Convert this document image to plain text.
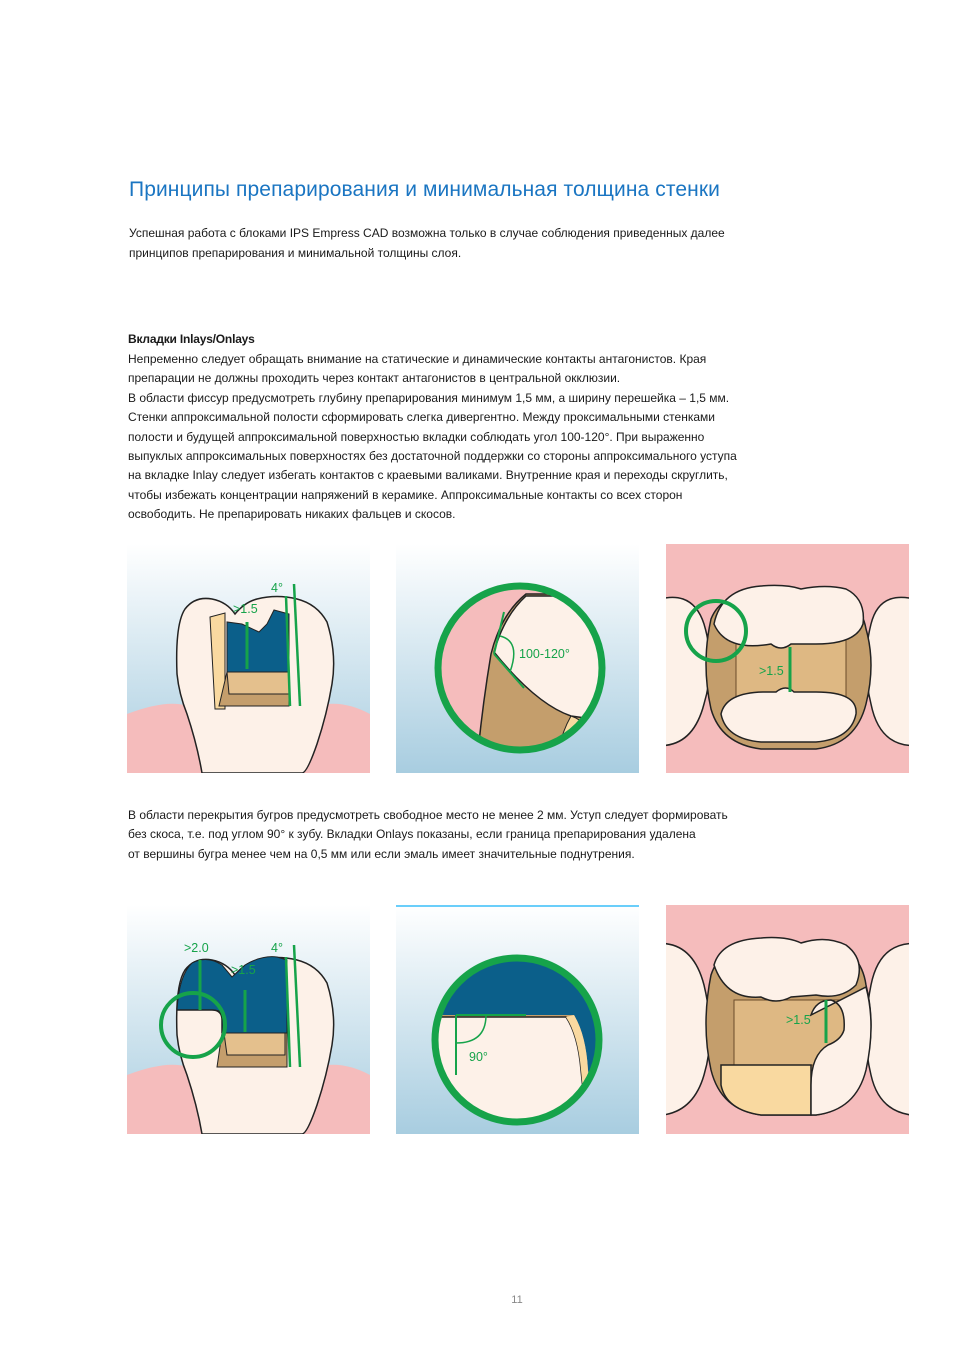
Принципы препарирования и минимальная толщина стенки
Успешная работа с блоками IPS Empress CAD возможна только в случае соблюдения приведенных далее
принципов препарирования и минимальной толщины слоя.
Вкладки Inlays/Onlays

Непременно следует обращать внимание на статические и динамические контакты антагонистов. Края

препарации не должны проходить через контакт антагонистов в центральной окклюзии.

В области фиссур предусмотреть глубину препарирования минимум 1,5 мм, а ширину перешейка – 1,5 мм.

Стенки аппроксимальной полости сформировать слегка дивергентно. Между проксимальными стенками

полости и будущей аппроксимальной поверхностью вкладки соблюдать угол 100-120°. При выраженно

выпуклых аппроксимальных поверхностях без достаточной поддержки со стороны аппроксимального уступа

на вкладке Inlay следует избегать контактов с краевыми валиками. Внутренние края и переходы скруглить,

чтобы избежать концентрации напряжений в керамике. Аппроксимальные контакты со всех сторон

освободить. Не препарировать никаких фальцев и скосов.

>1.5
4°
100-120°
>1.5

В области перекрытия бугров предусмотреть свободное место не менее 2 мм. Уступ следует формировать

без скоса, т.е. под углом 90° к зубу. Вкладки Onlays показаны, если граница препарирования удалена

от вершины бугра менее чем на 0,5 мм или если эмаль имеет значительные поднутрения.

>2.0
>1.5
4°
90°
>1.5
11
